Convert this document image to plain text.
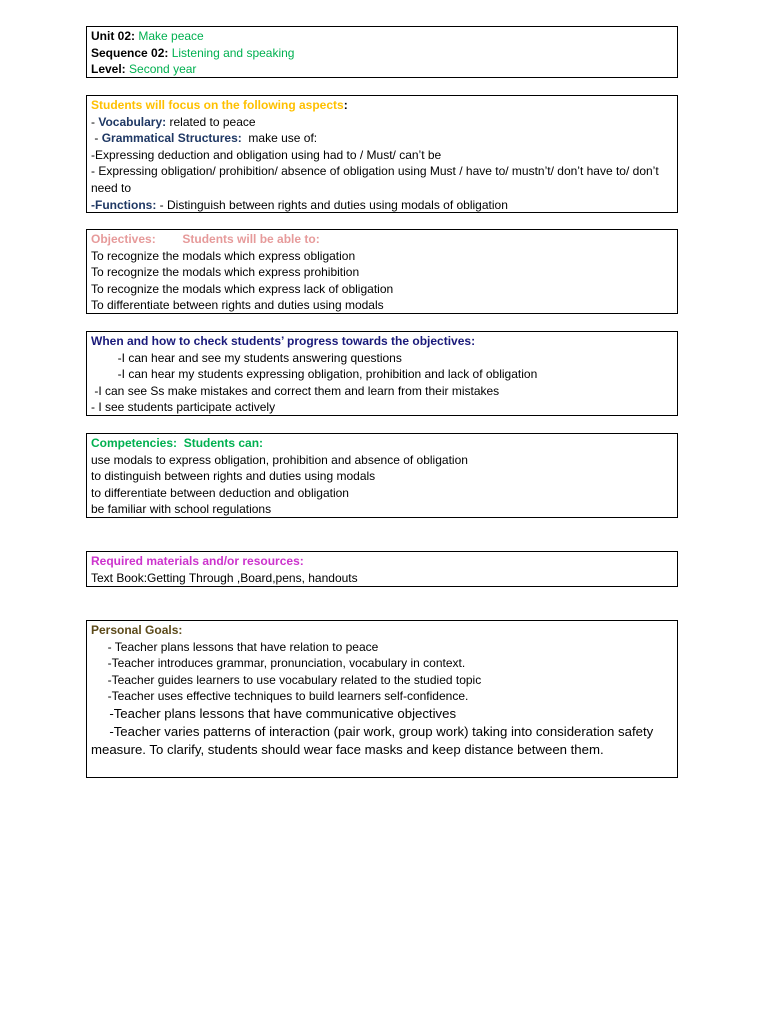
Unit 02: Make peace
Sequence 02: Listening and speaking
Level: Second year
Students will focus on the following aspects:
- Vocabulary: related to peace
- Grammatical Structures:  make use of:
-Expressing deduction and obligation using had to / Must/ can’t be
- Expressing obligation/ prohibition/ absence of obligation using Must / have to/ mustn’t/ don’t have to/ don’t need to
-Functions: - Distinguish between rights and duties using modals of obligation
Objectives:        Students will be able to:
To recognize the modals which express obligation
To recognize the modals which express prohibition
To recognize the modals which express lack of obligation
To differentiate between rights and duties using modals
When and how to check students’ progress towards the objectives:
-I can hear and see my students answering questions
-I can hear my students expressing obligation, prohibition and lack of obligation
-I can see Ss make mistakes and correct them and learn from their mistakes
- I see students participate actively
Competencies:  Students can:
use modals to express obligation, prohibition and absence of obligation
to distinguish between rights and duties using modals
to differentiate between deduction and obligation
be familiar with school regulations
Required materials and/or resources:
Text Book:Getting Through ,Board,pens, handouts
Personal Goals:
- Teacher plans lessons that have relation to peace
-Teacher introduces grammar, pronunciation, vocabulary in context.
-Teacher guides learners to use vocabulary related to the studied topic
-Teacher uses effective techniques to build learners self-confidence.
-Teacher plans lessons that have communicative objectives
-Teacher varies patterns of interaction (pair work, group work) taking into consideration safety measure. To clarify, students should wear face masks and keep distance between them.
